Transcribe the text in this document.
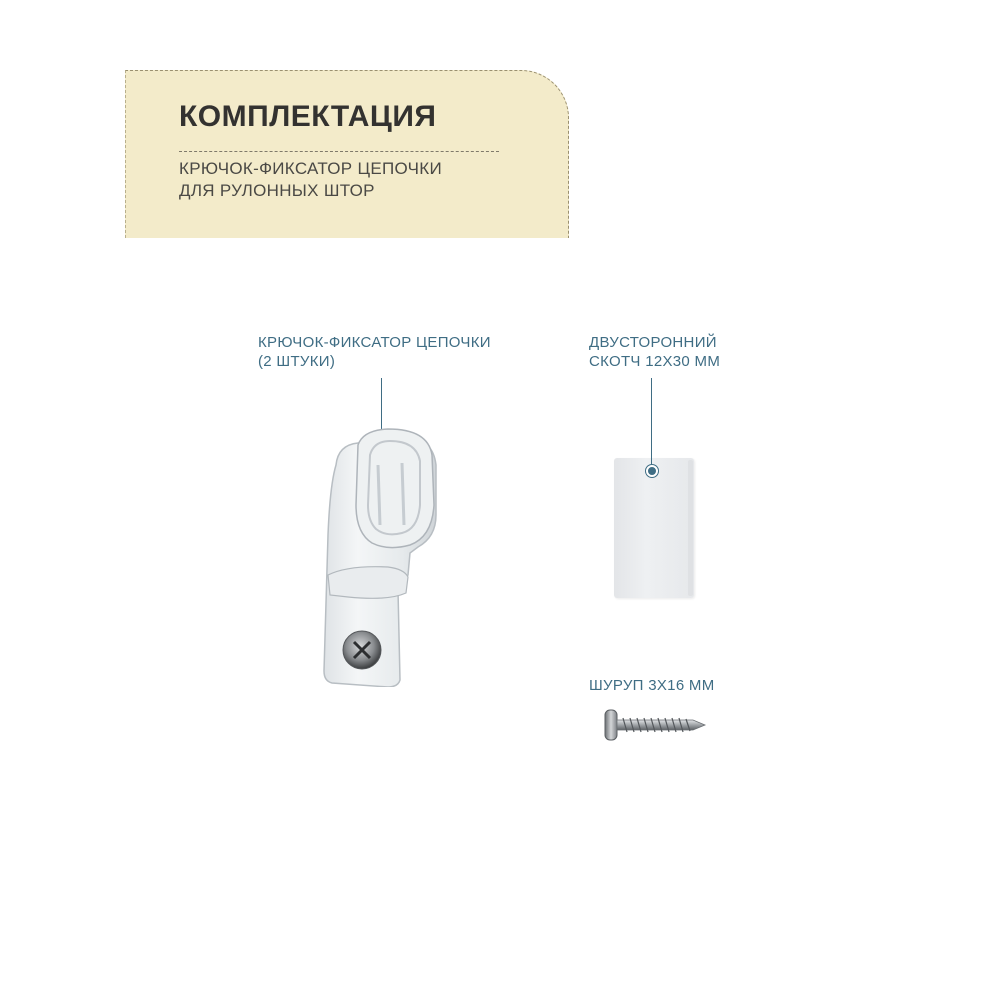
КОМПЛЕКТАЦИЯ
КРЮЧОК-ФИКСАТОР ЦЕПОЧКИ
ДЛЯ РУЛОННЫХ ШТОР
КРЮЧОК-ФИКСАТОР ЦЕПОЧКИ
(2 ШТУКИ)
ДВУСТОРОННИЙ
СКОТЧ 12Х30 ММ
ШУРУП 3Х16 ММ
